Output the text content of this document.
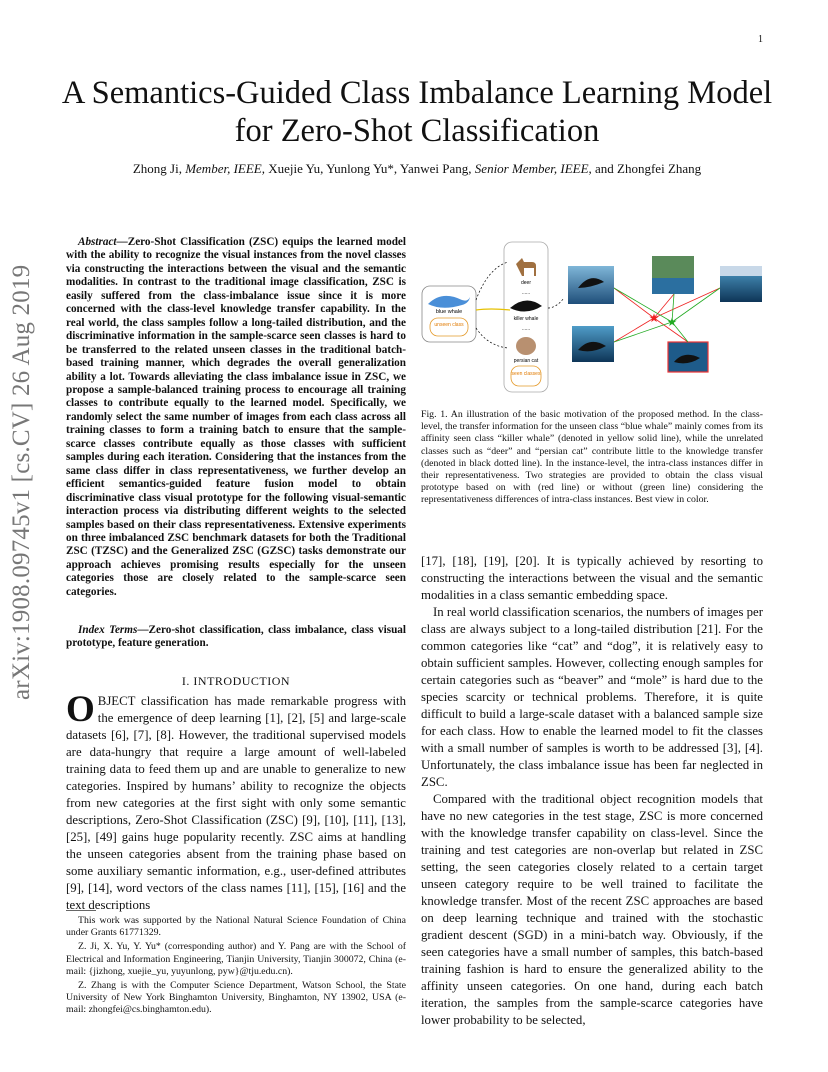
1
arXiv:1908.09745v1 [cs.CV] 26 Aug 2019
A Semantics-Guided Class Imbalance Learning Model for Zero-Shot Classification
Zhong Ji, Member, IEEE, Xuejie Yu, Yunlong Yu*, Yanwei Pang, Senior Member, IEEE, and Zhongfei Zhang
Abstract—Zero-Shot Classification (ZSC) equips the learned model with the ability to recognize the visual instances from the novel classes via constructing the interactions between the visual and the semantic modalities. In contrast to the traditional image classification, ZSC is easily suffered from the class-imbalance issue since it is more concerned with the class-level knowledge transfer capability. In the real world, the class samples follow a long-tailed distribution, and the discriminative information in the sample-scarce seen classes is hard to be transferred to the related unseen classes in the traditional batch-based training manner, which degrades the overall generalization ability a lot. Towards alleviating the class imbalance issue in ZSC, we propose a sample-balanced training process to encourage all training classes to contribute equally to the learned model. Specifically, we randomly select the same number of images from each class across all training classes to form a training batch to ensure that the sample-scarce classes contribute equally as those classes with sufficient samples during each iteration. Considering that the instances from the same class differ in class representativeness, we further develop an efficient semantics-guided feature fusion model to obtain discriminative class visual prototype for the following visual-semantic interaction process via distributing different weights to the selected samples based on their class representativeness. Extensive experiments on three imbalanced ZSC benchmark datasets for both the Traditional ZSC (TZSC) and the Generalized ZSC (GZSC) tasks demonstrate our approach achieves promising results especially for the unseen categories those are closely related to the sample-scarce seen categories.
Index Terms—Zero-shot classification, class imbalance, class visual prototype, feature generation.
I. INTRODUCTION
OBJECT classification has made remarkable progress with the emergence of deep learning [1], [2], [5] and large-scale datasets [6], [7], [8]. However, the traditional supervised models are data-hungry that require a large amount of well-labeled training data to feed them up and are unable to generalize to new categories. Inspired by humans’ ability to recognize the objects from new categories at the first sight with only some semantic descriptions, Zero-Shot Classification (ZSC) [9], [10], [11], [13], [25], [49] gains huge popularity recently. ZSC aims at handling the unseen categories absent from the training phase based on some auxiliary semantic information, e.g., user-defined attributes [9], [14], word vectors of the class names [11], [15], [16] and the text descriptions

This work was supported by the National Natural Science Foundation of China under Grants 61771329.

Z. Ji, X. Yu, Y. Yu* (corresponding author) and Y. Pang are with the School of Electrical and Information Engineering, Tianjin University, Tianjin 300072, China (e-mail: {jizhong, xuejie_yu, yuyunlong, pyw}@tju.edu.cn).

Z. Zhang is with the Computer Science Department, Watson School, the State University of New York Binghamton University, Binghamton, NY 13902, USA (e-mail: zhongfei@cs.binghamton.edu).

blue whale
unseen class
deer
......
killer whale
......
persian cat
seen classes
★ ★
Fig. 1. An illustration of the basic motivation of the proposed method. In the class-level, the transfer information for the unseen class “blue whale” mainly comes from its affinity seen class “killer whale” (denoted in yellow solid line), while the unrelated classes such as “deer” and “persian cat” contribute little to the knowledge transfer (denoted in black dotted line). In the instance-level, the intra-class instances differ in their representativeness. Two strategies are provided to obtain the class visual prototype based on with (red line) or without (green line) considering the representativeness differences of intra-class instances. Best view in color.

[17], [18], [19], [20]. It is typically achieved by resorting to constructing the interactions between the visual and the semantic modalities in a class semantic embedding space.

In real world classification scenarios, the numbers of images per class are always subject to a long-tailed distribution [21]. For the common categories like “cat” and “dog”, it is relatively easy to obtain sufficient samples. However, collecting enough samples for certain categories such as “beaver” and “mole” is hard due to the species scarcity or technical problems. Therefore, it is quite difficult to build a large-scale dataset with a balanced sample size for each class. How to enable the learned model to fit the classes with a small number of samples is worth to be addressed [3], [4]. Unfortunately, the class imbalance issue has been far neglected in ZSC.

Compared with the traditional object recognition models that have no new categories in the test stage, ZSC is more concerned with the knowledge transfer capability on class-level. Since the training and test categories are non-overlap but related in ZSC setting, the seen categories closely related to a certain target unseen category require to be well trained to facilitate the knowledge transfer. Most of the recent ZSC approaches are based on deep learning technique and trained with the stochastic gradient descent (SGD) in a mini-batch way. Obviously, if the seen categories have a small number of samples, this batch-based training fashion is hard to ensure the generalized ability to the affinity unseen categories. On one hand, during each batch iteration, the samples from the sample-scarce categories have lower probability to be selected,
